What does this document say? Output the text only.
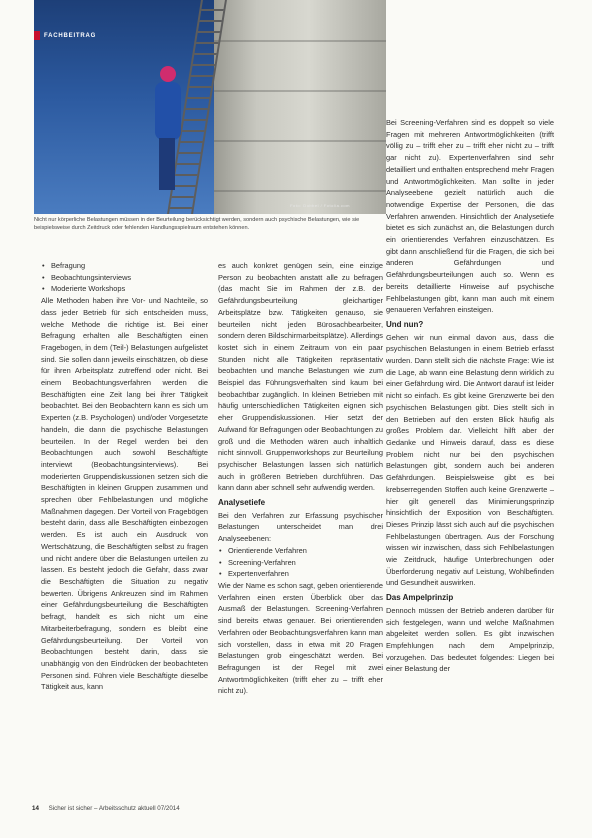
Foto: Dubbel / Fotolia.com
FACHBEITRAG
Nicht nur körperliche Belastungen müssen in der Beurteilung berücksichtigt werden, sondern auch psychische Belastungen, wie sie beispielsweise durch Zeitdruck oder fehlenden Handlungsspielraum entstehen können.
• Befragung
• Beobachtungsinterviews
• Moderierte Workshops

Alle Methoden haben ihre Vor- und Nachteile, so dass jeder Betrieb für sich entscheiden muss, welche Methode die richtige ist. Bei einer Befragung erhalten alle Beschäftigten einen Fragebogen, in dem (Teil-) Belastungen aufgelistet sind. Sie sollen dann jeweils einschätzen, ob diese für ihren Arbeitsplatz zutreffend oder nicht. Bei einem Beobachtungsverfahren werden die Beschäftigten eine Zeit lang bei ihrer Tätigkeit beobachtet. Bei den Beobachtern kann es sich um Experten (z.B. Psychologen) und/oder Vorgesetzte handeln, die dann die psychische Belastungen beurteilen. In der Regel werden bei den Beobachtungen auch sowohl Beschäftigte interviewt (Beobachtungsinterviews). Bei moderierten Gruppendiskussionen setzen sich die Beschäftigten in kleinen Gruppen zusammen und sprechen über Fehlbelastungen und mögliche Maßnahmen dagegen. Der Vorteil von Fragebögen besteht darin, dass alle Beschäftigten einbezogen werden. Es ist auch ein Ausdruck von Wertschätzung, die Beschäftigten selbst zu fragen und nicht andere über die Belastungen urteilen zu lassen. Es besteht jedoch die Gefahr, dass zwar die Beschäftigten die Situation zu negativ bewerten. Übrigens Ankreuzen sind im Rahmen einer Gefährdungsbeurteilung die Beschäftigten befragt, handelt es sich nicht um eine Mitarbeiterbefragung, sondern es bleibt eine Gefährdungsbeurteilung. Der Vorteil von Beobachtungen besteht darin, dass sie unabhängig von den Eindrücken der beobachteten Personen sind. Führen viele Beschäftigte dieselbe Tätigkeit aus, kann

es auch konkret genügen sein, eine einzige Person zu beobachten anstatt alle zu befragen (das macht Sie im Rahmen der z.B. der Gefährdungsbeurteilung gleichartiger Arbeitsplätze bzw. Tätigkeiten genauso, sie beurteilen nicht jeden Bürosachbearbeiter, sondern deren Bildschirmarbeitsplätze). Allerdings kostet sich in einem Zeitraum von ein paar Stunden nicht alle Tätigkeiten repräsentativ beobachten und manche Belastungen wie zum Beispiel das Führungsverhalten sind kaum bei beobachtbar zugänglich. In kleinen Betrieben mit häufig unterschiedlichen Tätigkeiten eignen sich eher Gruppendiskussionen. Hier setzt der Aufwand für Befragungen oder Beobachtungen zu groß und die Methoden wären auch inhaltlich nicht sinnvoll. Gruppenworkshops zur Beurteilung psychischer Belastungen lassen sich natürlich auch in größeren Betrieben durchführen. Das kann dann aber schnell sehr aufwendig werden.

Analysetiefe

Bei den Verfahren zur Erfassung psychischer Belastungen unterscheidet man drei Analyseebenen:

• Orientierende Verfahren
• Screening-Verfahren
• Expertenverfahren

Wie der Name es schon sagt, geben orientierende Verfahren einen ersten Überblick über das Ausmaß der Belastungen. Screening-Verfahren sind bereits etwas genauer. Bei orientierenden Verfahren oder Beobachtungsverfahren kann man sich vorstellen, dass in etwa mit 20 Fragen Belastungen grob eingeschätzt werden. Bei Befragungen ist der Regel mit zwei Antwortmöglichkeiten (trifft eher zu – trifft eher nicht zu).

Bei Screening-Verfahren sind es doppelt so viele Fragen mit mehreren Antwortmöglichkeiten (trifft völlig zu – trifft eher zu – trifft eher nicht zu – trifft gar nicht zu). Expertenverfahren sind sehr detailliert und enthalten entsprechend mehr Fragen und Antwortmöglichkeiten. Man sollte in jeder Analyseebene gezielt natürlich auch die notwendige Expertise der Personen, die das Verfahren anwenden. Hinsichtlich der Analysetiefe bietet es sich zunächst an, die Belastungen durch ein orientierendes Verfahren einzuschätzen. Es gibt dann anschließend für die Fragen, die sich bei anderen Gefährdungen und Gefährdungsbeurteilungen auch so. Wenn es bereits detaillierte Hinweise auf psychische Fehlbelastungen gibt, kann man auch mit einem genaueren Verfahren einsteigen.

Und nun?

Gehen wir nun einmal davon aus, dass die psychischen Belastungen in einem Betrieb erfasst wurden. Dann stellt sich die nächste Frage: Wie ist die Lage, ab wann eine Belastung denn wirklich zu einer Gefährdung wird. Die Antwort darauf ist leider nicht so einfach. Es gibt keine Grenzwerte bei den psychischen Belastungen gibt. Dies stellt sich in den Betrieben auf den ersten Blick häufig als großes Problem dar. Vielleicht hilft aber der Gedanke und Hinweis darauf, dass es diese Problem nicht nur bei den psychischen Belastungen gibt, sondern auch bei anderen Gefährdungen. Beispielsweise gibt es bei krebserregenden Stoffen auch keine Grenzwerte – hier gilt generell das Minimierungsprinzip hinsichtlich der Exposition von Beschäftigten. Dieses Prinzip lässt sich auch auf die psychischen Fehlbelastungen übertragen. Aus der Forschung wissen wir inzwischen, dass sich Fehlbelastungen wie Zeitdruck, häufige Unterbrechungen oder Überforderung negativ auf Leistung, Wohlbefinden und Gesundheit auswirken.

Das Ampelprinzip

Dennoch müssen der Betrieb anderen darüber für sich festgelegen, wann und welche Maßnahmen abgeleitet werden sollen. Es gibt inzwischen Empfehlungen nach dem Ampelprinzip, vorzugehen. Das bedeutet folgendes: Liegen bei einer Belastung der

14 Sicher ist sicher – Arbeitsschutz aktuell 07/2014
